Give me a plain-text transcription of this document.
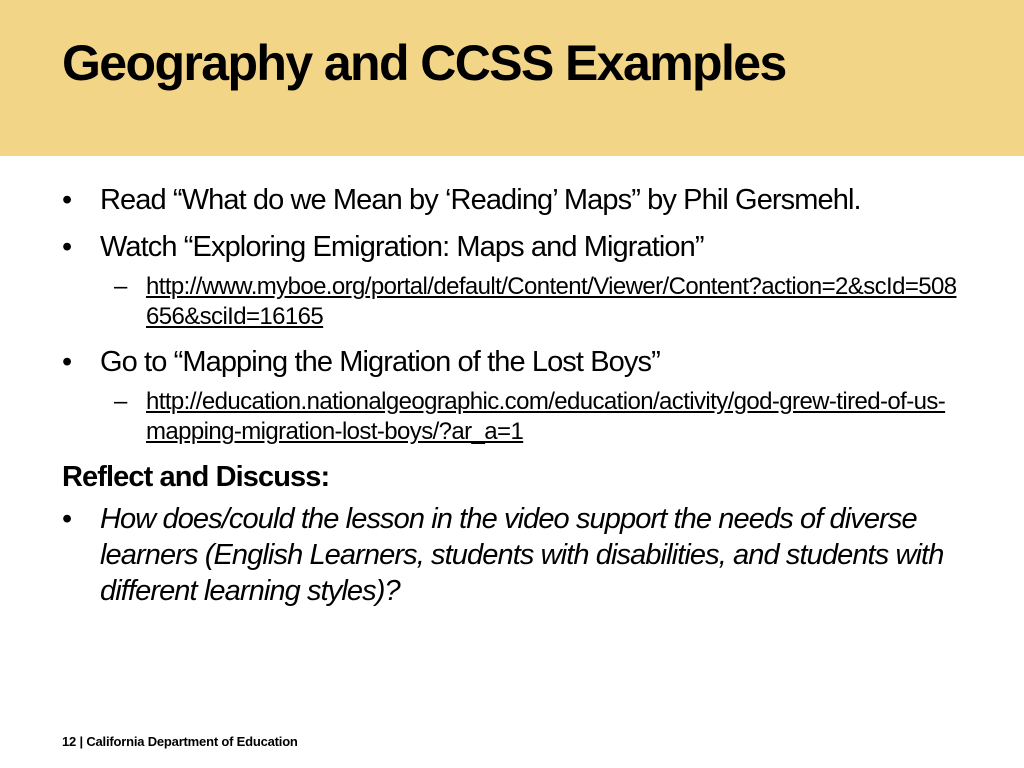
Geography and CCSS Examples
• Read “What do we Mean by ‘Reading’ Maps” by Phil Gersmehl.
• Watch “Exploring Emigration: Maps and Migration”
– http://www.myboe.org/portal/default/Content/Viewer/Content?action=2&scId=508656&sciId=16165
• Go to “Mapping the Migration of the Lost Boys”
– http://education.nationalgeographic.com/education/activity/god-grew-tired-of-us-mapping-migration-lost-boys/?ar_a=1
Reflect and Discuss:
• How does/could the lesson in the video support the needs of diverse learners (English Learners, students with disabilities, and students with different learning styles)?
12 | California Department of Education
